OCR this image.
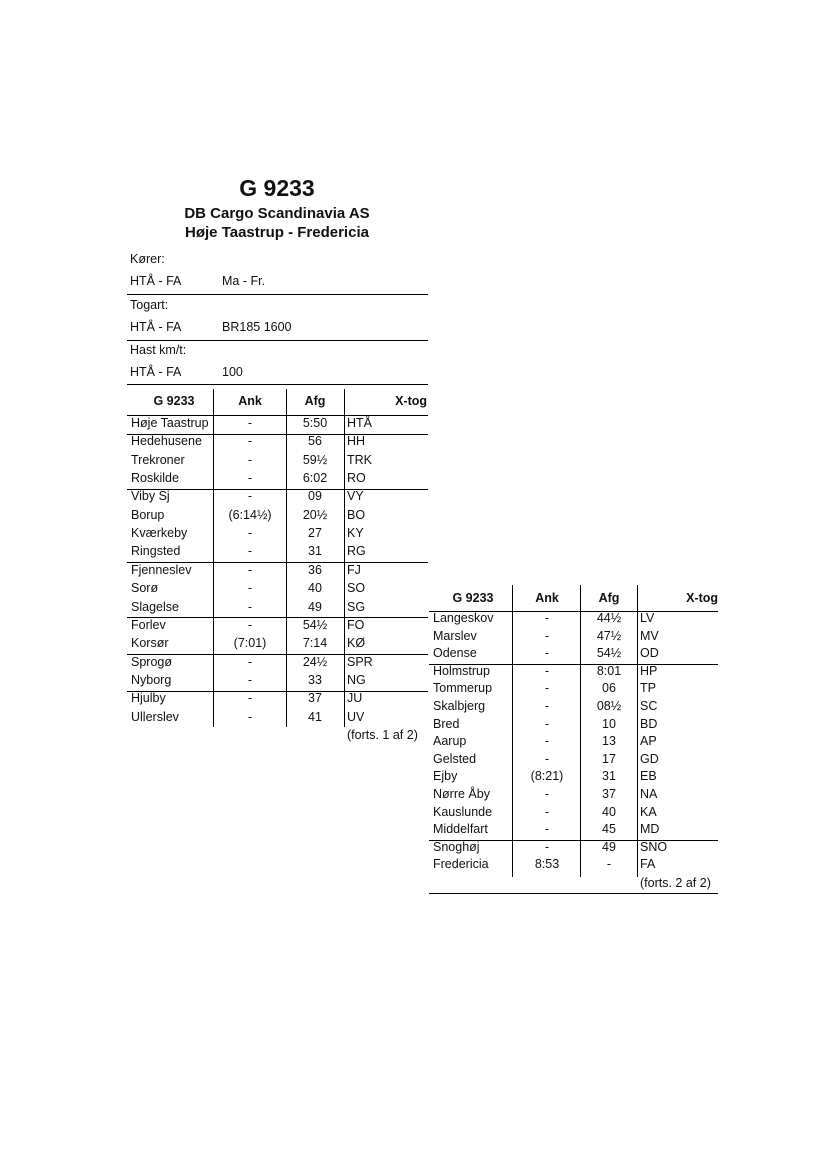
G 9233
DB Cargo Scandinavia AS
Høje Taastrup - Fredericia
Kører:
HTÅ - FA	Ma - Fr.
Togart:
HTÅ - FA	BR185 1600
Hast km/t:
HTÅ - FA	100
G 9233	Ank	Afg	X-tog
Høje Taastrup	-	5:50	HTÅ
Hedehusene	-	56	HH
Trekroner	-	59½	TRK
Roskilde	-	6:02	RO
Viby Sj	-	09	VY
Borup	(6:14½)	20½	BO
Kværkeby	-	27	KY
Ringsted	-	31	RG
Fjenneslev	-	36	FJ
Sorø	-	40	SO
Slagelse	-	49	SG
Forlev	-	54½	FO
Korsør	(7:01)	7:14	KØ
Sprogø	-	24½	SPR
Nyborg	-	33	NG
Hjulby	-	37	JU
Ullerslev	-	41	UV
(forts. 1 af 2)
G 9233	Ank	Afg	X-tog
Langeskov	-	44½	LV
Marslev	-	47½	MV
Odense	-	54½	OD
Holmstrup	-	8:01	HP
Tommerup	-	06	TP
Skalbjerg	-	08½	SC
Bred	-	10	BD
Aarup	-	13	AP
Gelsted	-	17	GD
Ejby	(8:21)	31	EB
Nørre Åby	-	37	NA
Kauslunde	-	40	KA
Middelfart	-	45	MD
Snoghøj	-	49	SNO
Fredericia	8:53	-	FA
(forts. 2 af 2)
